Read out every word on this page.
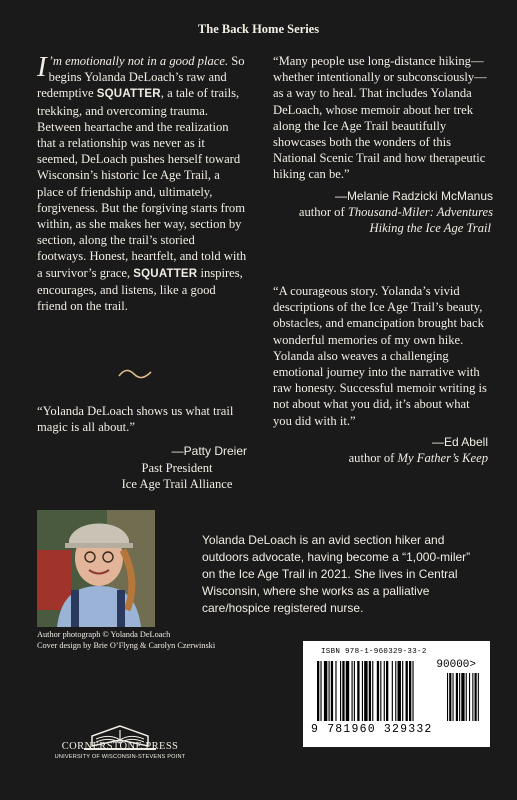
The Back Home Series

I ’m emotionally not in a good place. So begins Yolanda DeLoach’s raw and redemptive SQUATTER, a tale of trails, trekking, and overcoming trauma. Between heartache and the realization that a relationship was never as it seemed, DeLoach pushes herself toward Wisconsin’s historic Ice Age Trail, a place of friendship and, ultimately, forgiveness. But the forgiving starts from within, as she makes her way, section by section, along the trail’s storied footways. Honest, heartfelt, and told with a survivor’s grace, SQUATTER inspires, encourages, and listens, like a good friend on the trail.

“Yolanda DeLoach shows us what trail magic is all about.”

—Patty Dreier
Past President
Ice Age Trail Alliance

“Many people use long-distance hiking—whether intentionally or subconsciously—as a way to heal. That includes Yolanda DeLoach, whose memoir about her trek along the Ice Age Trail beautifully showcases both the wonders of this National Scenic Trail and how therapeutic hiking can be.”

—Melanie Radzicki McManus
author of Thousand-Miler: Adventures
Hiking the Ice Age Trail

“A courageous story. Yolanda’s vivid descriptions of the Ice Age Trail’s beauty, obstacles, and emancipation brought back wonderful memories of my own hike. Yolanda also weaves a challenging emotional journey into the narrative with raw honesty. Successful memoir writing is not about what you did, it’s about what you did with it.”

—Ed Abell
author of My Father’s Keep
Yolanda DeLoach is an avid section hiker and outdoors advocate, having become a “1,000-miler” on the Ice Age Trail in 2021. She lives in Central Wisconsin, where she works as a palliative care/hospice registered nurse.
Author photograph © Yolanda DeLoach
Cover design by Brie O’Flyng & Carolyn Czerwinski
ISBN 978-1-960329-33-2
90000>
9 781960 329332
CORNERSTONE PRESS
UNIVERSITY OF WISCONSIN-STEVENS POINT
